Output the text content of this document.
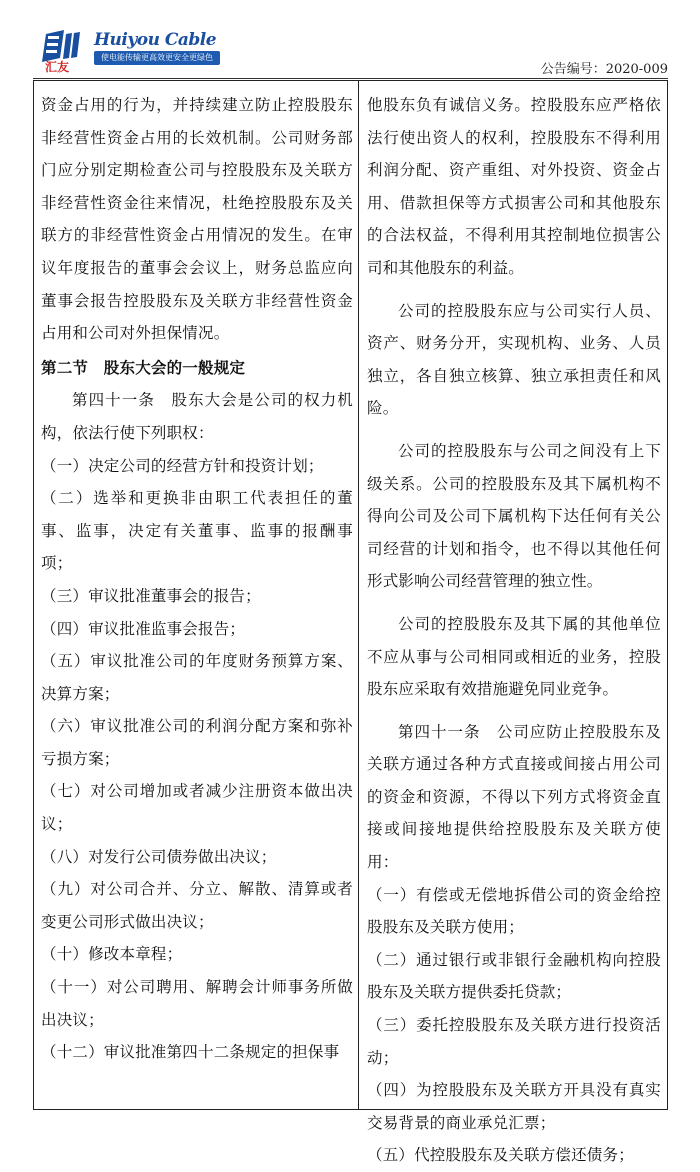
汇友
Huiyou Cable
使电能传输更高效更安全更绿色
公告编号：2020-009

资金占用的行为，并持续建立防止控股股东非经营性资金占用的长效机制。公司财务部门应分别定期检查公司与控股股东及关联方非经营性资金往来情况，杜绝控股股东及关联方的非经营性资金占用情况的发生。在审议年度报告的董事会会议上，财务总监应向董事会报告控股股东及关联方非经营性资金占用和公司对外担保情况。

第二节　股东大会的一般规定

第四十一条　股东大会是公司的权力机构，依法行使下列职权：

（一）决定公司的经营方针和投资计划；

（二）选举和更换非由职工代表担任的董事、监事，决定有关董事、监事的报酬事项；

（三）审议批准董事会的报告；

（四）审议批准监事会报告；

（五）审议批准公司的年度财务预算方案、决算方案；

（六）审议批准公司的利润分配方案和弥补亏损方案；

（七）对公司增加或者减少注册资本做出决议；

（八）对发行公司债券做出决议；

（九）对公司合并、分立、解散、清算或者变更公司形式做出决议；

（十）修改本章程；

（十一）对公司聘用、解聘会计师事务所做出决议；

（十二）审议批准第四十二条规定的担保事

他股东负有诚信义务。控股股东应严格依法行使出资人的权利，控股股东不得利用利润分配、资产重组、对外投资、资金占用、借款担保等方式损害公司和其他股东的合法权益，不得利用其控制地位损害公司和其他股东的利益。

公司的控股股东应与公司实行人员、资产、财务分开，实现机构、业务、人员独立，各自独立核算、独立承担责任和风险。

公司的控股股东与公司之间没有上下级关系。公司的控股股东及其下属机构不得向公司及公司下属机构下达任何有关公司经营的计划和指令，也不得以其他任何形式影响公司经营管理的独立性。

公司的控股股东及其下属的其他单位不应从事与公司相同或相近的业务，控股股东应采取有效措施避免同业竞争。

第四十一条　公司应防止控股股东及关联方通过各种方式直接或间接占用公司的资金和资源，不得以下列方式将资金直接或间接地提供给控股股东及关联方使用：

（一）有偿或无偿地拆借公司的资金给控股股东及关联方使用；

（二）通过银行或非银行金融机构向控股股东及关联方提供委托贷款；

（三）委托控股股东及关联方进行投资活动；

（四）为控股股东及关联方开具没有真实交易背景的商业承兑汇票；

（五）代控股股东及关联方偿还债务；
